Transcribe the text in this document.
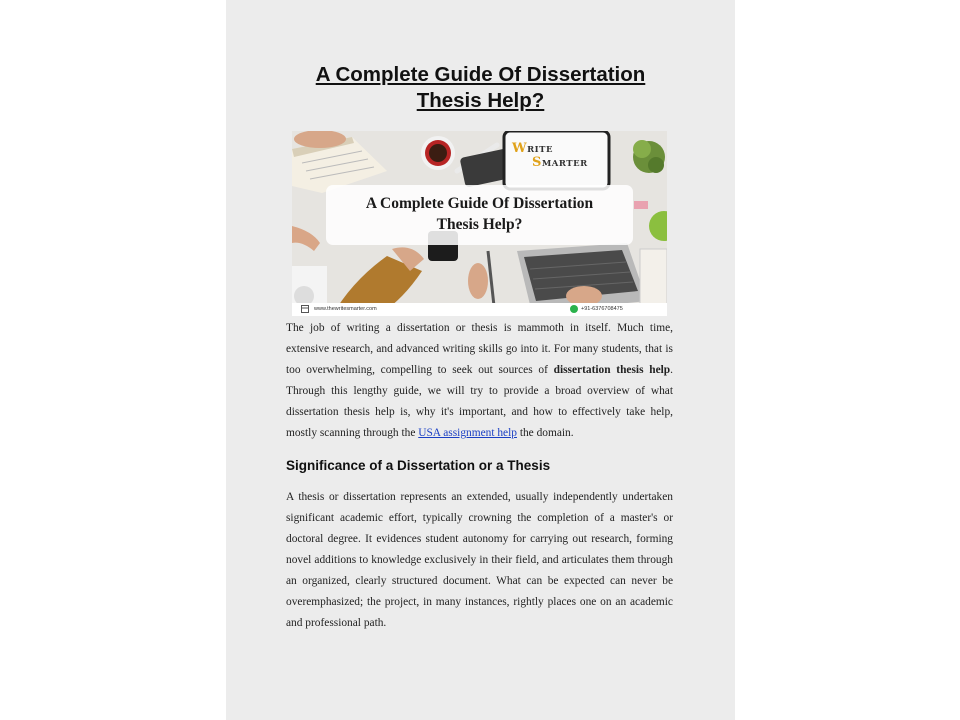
A Complete Guide Of Dissertation
Thesis Help?
WRITE
SMARTER
A Complete Guide Of Dissertation
Thesis Help?
www.thewritesmarter.com	+91-6376708475
The job of writing a dissertation or thesis is mammoth in itself. Much time, extensive research, and advanced writing skills go into it. For many students, that is too overwhelming, compelling to seek out sources of dissertation thesis help. Through this lengthy guide, we will try to provide a broad overview of what dissertation thesis help is, why it's important, and how to effectively take help, mostly scanning through the USA assignment help the domain.
Significance of a Dissertation or a Thesis
A thesis or dissertation represents an extended, usually independently undertaken significant academic effort, typically crowning the completion of a master's or doctoral degree. It evidences student autonomy for carrying out research, forming novel additions to knowledge exclusively in their field, and articulates them through an organized, clearly structured document. What can be expected can never be overemphasized; the project, in many instances, rightly places one on an academic and professional path.
